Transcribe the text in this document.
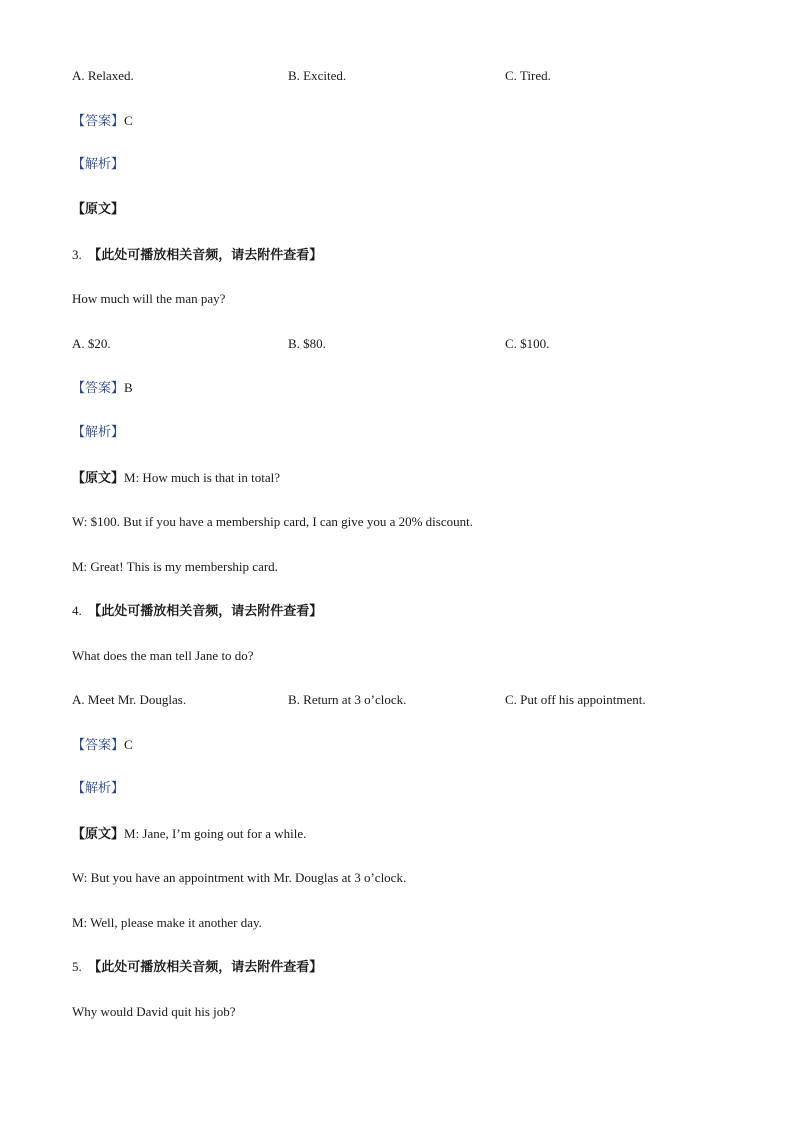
A. Relaxed.	B. Excited.	C. Tired.
【答案】C
【解析】
【原文】
3. 【此处可播放相关音频，请去附件查看】
How much will the man pay?
A. $20.	B. $80.	C. $100.
【答案】B
【解析】
【原文】M: How much is that in total?
W: $100. But if you have a membership card, I can give you a 20% discount.
M: Great! This is my membership card.
4. 【此处可播放相关音频，请去附件查看】
What does the man tell Jane to do?
A. Meet Mr. Douglas.	B. Return at 3 o’clock.	C. Put off his appointment.
【答案】C
【解析】
【原文】M: Jane, I’m going out for a while.
W: But you have an appointment with Mr. Douglas at 3 o’clock.
M: Well, please make it another day.
5. 【此处可播放相关音频，请去附件查看】
Why would David quit his job?
